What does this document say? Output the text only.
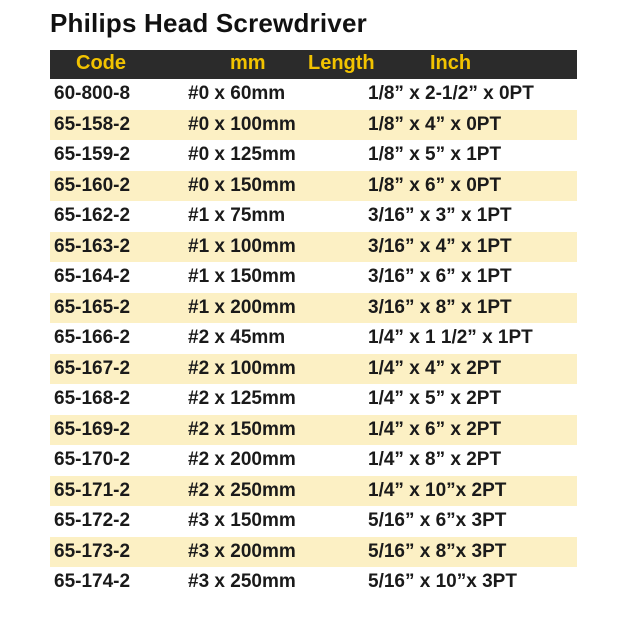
Philips Head Screwdriver
Code	mm Length	Inch
60-800-8	#0 x 60mm	1/8” x 2-1/2” x 0PT
65-158-2	#0 x 100mm	1/8” x 4” x 0PT
65-159-2	#0 x 125mm	1/8” x 5” x 1PT
65-160-2	#0 x 150mm	1/8” x 6” x 0PT
65-162-2	#1 x 75mm	3/16” x 3” x 1PT
65-163-2	#1 x 100mm	3/16” x 4” x 1PT
65-164-2	#1 x 150mm	3/16” x 6” x 1PT
65-165-2	#1 x 200mm	3/16” x 8” x 1PT
65-166-2	#2 x 45mm	1/4” x 1 1/2” x 1PT
65-167-2	#2 x 100mm	1/4” x 4” x 2PT
65-168-2	#2 x 125mm	1/4” x 5” x 2PT
65-169-2	#2 x 150mm	1/4” x 6” x 2PT
65-170-2	#2 x 200mm	1/4” x 8” x 2PT
65-171-2	#2 x 250mm	1/4” x 10”x 2PT
65-172-2	#3 x 150mm	5/16” x 6”x 3PT
65-173-2	#3 x 200mm	5/16” x 8”x 3PT
65-174-2	#3 x 250mm	5/16” x 10”x 3PT
